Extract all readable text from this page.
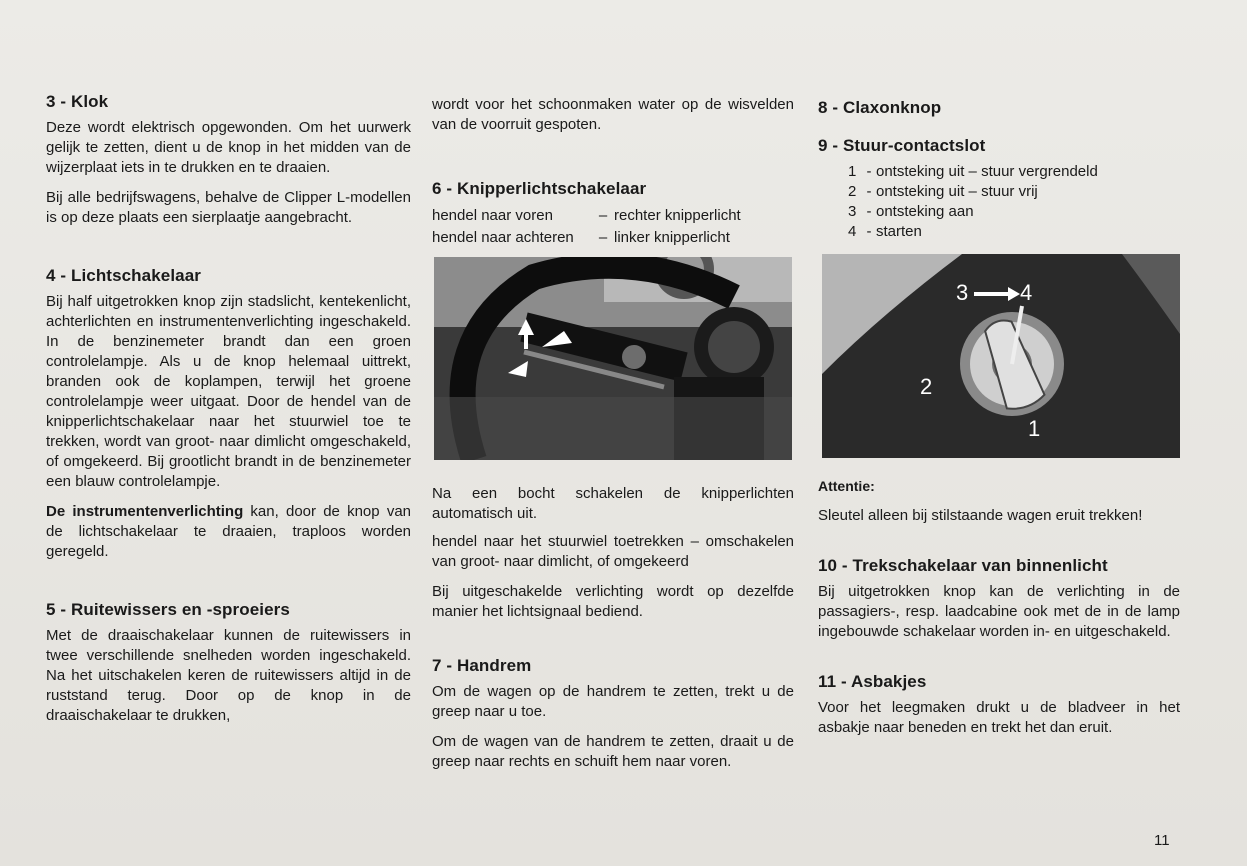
3 - Klok

Deze wordt elektrisch opgewonden. Om het uurwerk gelijk te zetten, dient u de knop in het midden van de wijzerplaat iets in te drukken en te draaien.

Bij alle bedrijfswagens, behalve de Clipper L-modellen is op deze plaats een sierplaatje aangebracht.

4 - Lichtschakelaar

Bij half uitgetrokken knop zijn stadslicht, kentekenlicht, achterlichten en instrumentenverlichting ingeschakeld. In de benzinemeter brandt dan een groen controlelampje. Als u de knop helemaal uittrekt, branden ook de koplampen, terwijl het groene controlelampje weer uitgaat. Door de hendel van de knipperlichtschakelaar naar het stuurwiel toe te trekken, wordt van groot- naar dimlicht omgeschakeld, of omgekeerd. Bij grootlicht brandt in de benzinemeter een blauw controlelampje.

De instrumentenverlichting kan, door de knop van de lichtschakelaar te draaien, traploos worden geregeld.

5 - Ruitewissers en -sproeiers

Met de draaischakelaar kunnen de ruitewissers in twee verschillende snelheden worden ingeschakeld. Na het uitschakelen keren de ruitewissers altijd in de ruststand terug. Door op de knop in de draaischakelaar te drukken,

wordt voor het schoonmaken water op de wisvelden van de voorruit gespoten.

6 - Knipperlichtschakelaar
hendel naar voren	– rechter knipperlicht
hendel naar achteren	– linker knipperlicht

Na een bocht schakelen de knipperlichten automatisch uit.

hendel naar het stuurwiel toetrekken – omschakelen van groot- naar dimlicht, of omgekeerd

Bij uitgeschakelde verlichting wordt op dezelfde manier het lichtsignaal bediend.

7 - Handrem

Om de wagen op de handrem te zetten, trekt u de greep naar u toe.

Om de wagen van de handrem te zetten, draait u de greep naar rechts en schuift hem naar voren.

8 - Claxonknop
9 - Stuur-contactslot
1 - ontsteking uit – stuur vergrendeld
2 - ontsteking uit – stuur vrij
3 - ontsteking aan
4 - starten
3 4
2
1
Attentie:

Sleutel alleen bij stilstaande wagen eruit trekken!

10 - Trekschakelaar van binnenlicht

Bij uitgetrokken knop kan de verlichting in de passagiers-, resp. laadcabine ook met de in de lamp ingebouwde schakelaar worden in- en uitgeschakeld.

11 - Asbakjes

Voor het leegmaken drukt u de bladveer in het asbakje naar beneden en trekt het dan eruit.

11
